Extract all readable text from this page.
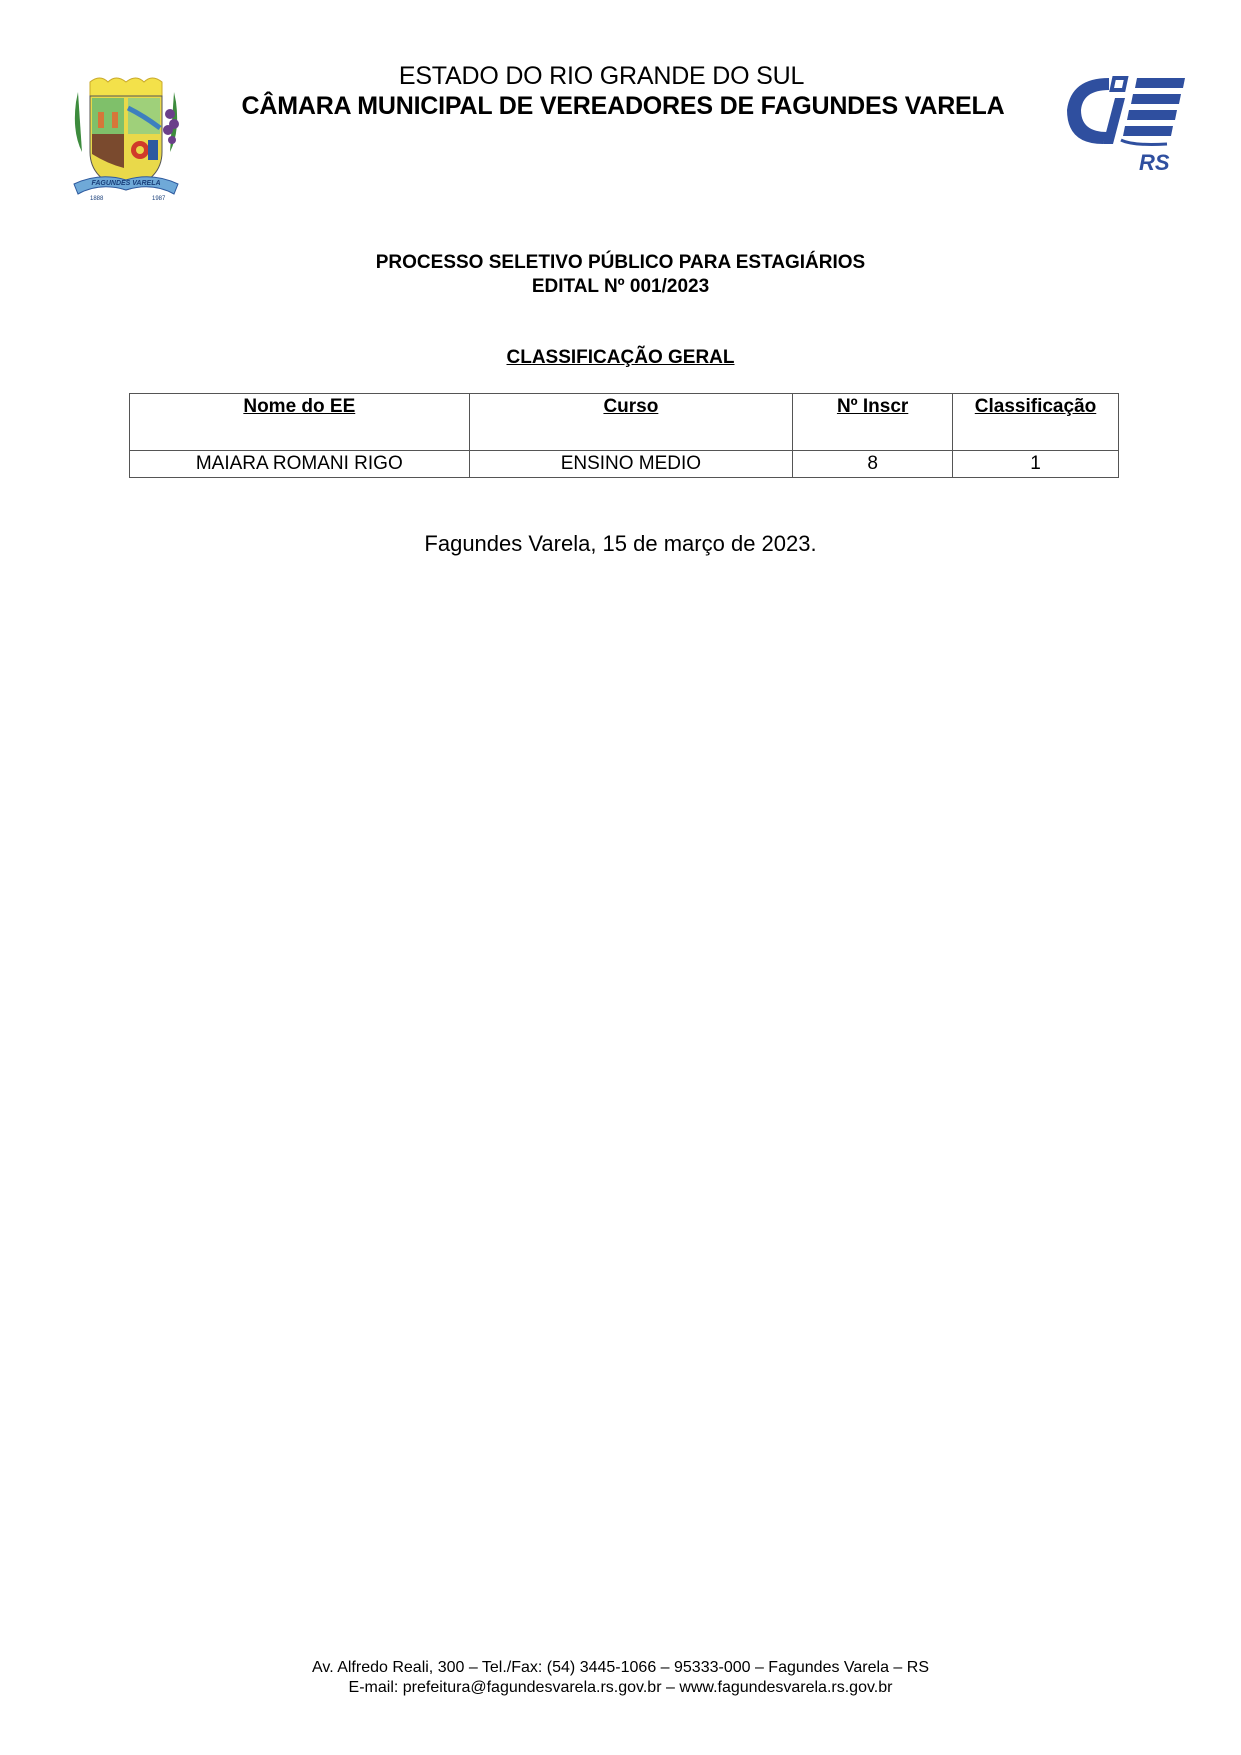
FAGUNDES VARELA
1888	1987
ESTADO DO RIO GRANDE DO SUL
CÂMARA MUNICIPAL DE VEREADORES DE FAGUNDES VARELA
RS
PROCESSO SELETIVO PÚBLICO PARA ESTAGIÁRIOS
EDITAL Nº 001/2023
CLASSIFICAÇÃO GERAL
Nome do EE	Curso	Nº Inscr	Classificação
MAIARA ROMANI RIGO	ENSINO MEDIO	8	1
Fagundes Varela, 15 de março de 2023.
Av. Alfredo Reali, 300 – Tel./Fax: (54) 3445-1066 – 95333-000 – Fagundes Varela – RS
E-mail: prefeitura@fagundesvarela.rs.gov.br – www.fagundesvarela.rs.gov.br
